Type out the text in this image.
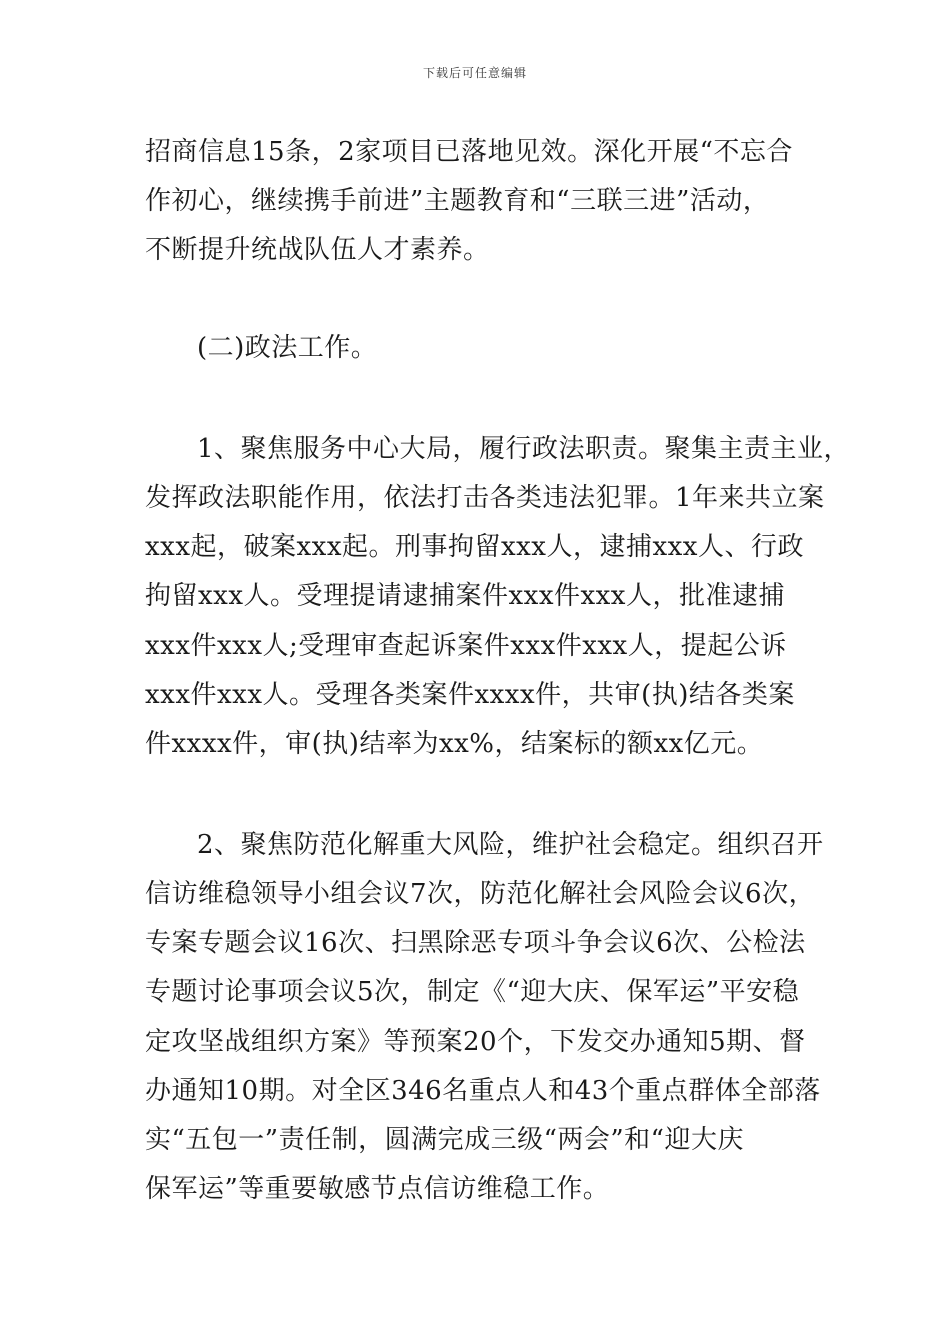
下载后可任意编辑
招商信息15条，2家项目已落地见效。深化开展“不忘合
作初心，继续携手前进”主题教育和“三联三进”活动，
不断提升统战队伍人才素养。
(二)政法工作。
1、聚焦服务中心大局，履行政法职责。聚集主责主业，
发挥政法职能作用，依法打击各类违法犯罪。1年来共立案
xxx起，破案xxx起。刑事拘留xxx人，逮捕xxx人、行政
拘留xxx人。受理提请逮捕案件xxx件xxx人，批准逮捕
xxx件xxx人;受理审查起诉案件xxx件xxx人，提起公诉
xxx件xxx人。受理各类案件xxxx件，共审(执)结各类案
件xxxx件，审(执)结率为xx%，结案标的额xx亿元。
2、聚焦防范化解重大风险，维护社会稳定。组织召开
信访维稳领导小组会议7次，防范化解社会风险会议6次，
专案专题会议16次、扫黑除恶专项斗争会议6次、公检法
专题讨论事项会议5次，制定《“迎大庆、保军运”平安稳
定攻坚战组织方案》等预案20个，下发交办通知5期、督
办通知10期。对全区346名重点人和43个重点群体全部落
实“五包一”责任制，圆满完成三级“两会”和“迎大庆
保军运”等重要敏感节点信访维稳工作。
